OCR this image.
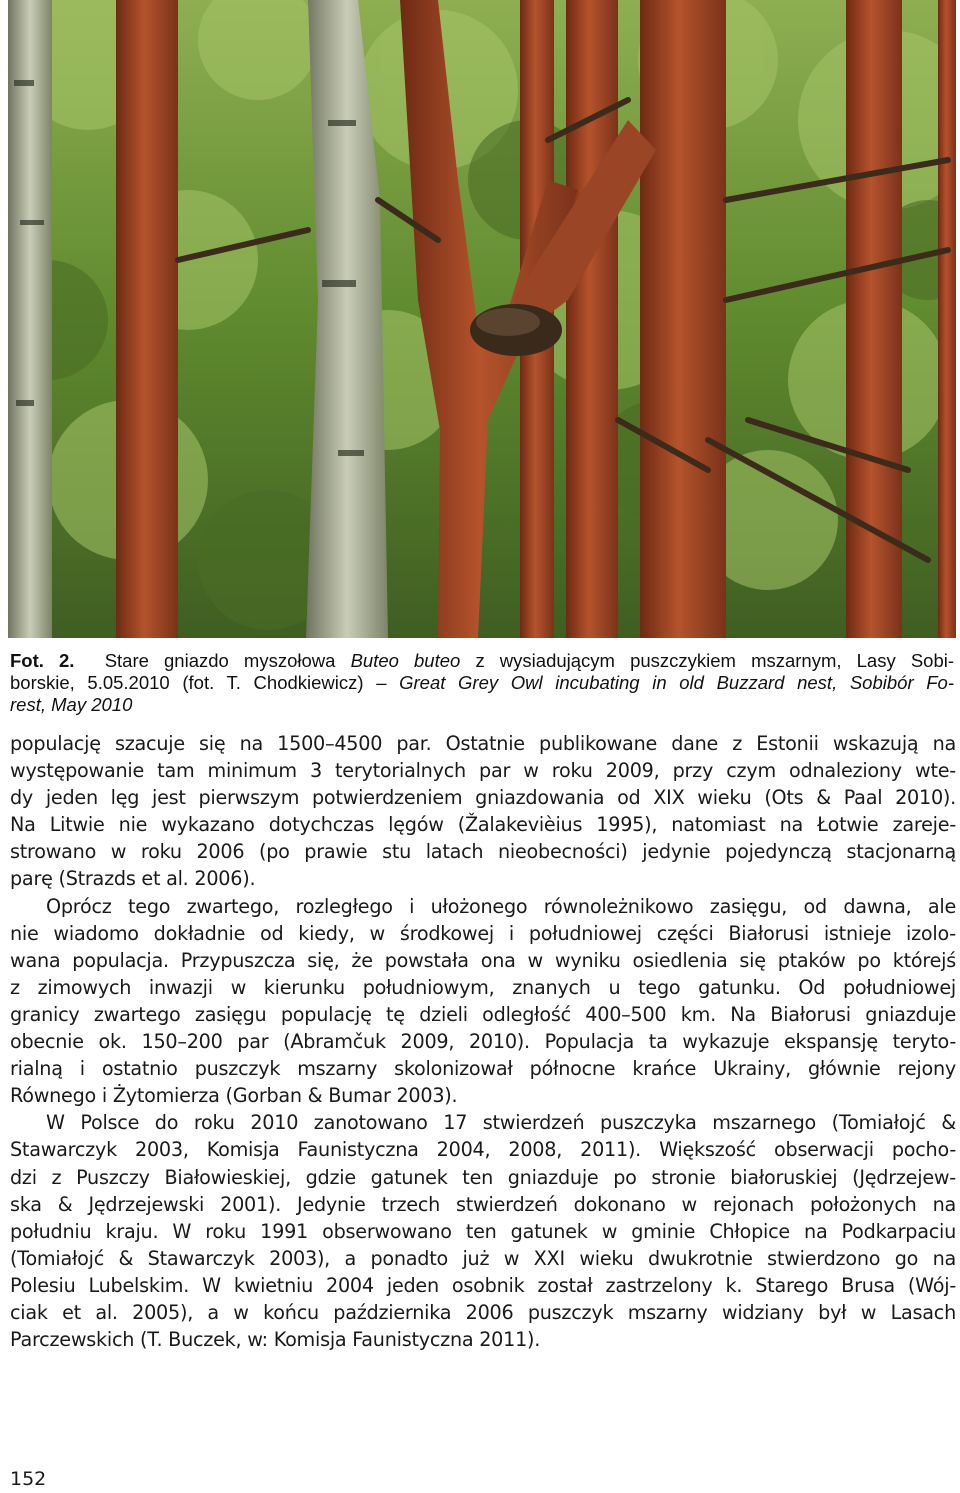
Fot. 2. Stare gniazdo myszołowa Buteo buteo z wysiadującym puszczykiem mszarnym, Lasy Sobi-
borskie, 5.05.2010 (fot. T. Chodkiewicz) – Great Grey Owl incubating in old Buzzard nest, Sobibór Fo-
rest, May 2010
populację szacuje się na 1500–4500 par. Ostatnie publikowane dane z Estonii wskazują na
występowanie tam minimum 3 terytorialnych par w roku 2009, przy czym odnaleziony wte-
dy jeden lęg jest pierwszym potwierdzeniem gniazdowania od XIX wieku (Ots & Paal 2010).
Na Litwie nie wykazano dotychczas lęgów (Žalakevièius 1995), natomiast na Łotwie zareje-
strowano w roku 2006 (po prawie stu latach nieobecności) jedynie pojedynczą stacjonarną
parę (Strazds et al. 2006).
Oprócz tego zwartego, rozległego i ułożonego równoleżnikowo zasięgu, od dawna, ale
nie wiadomo dokładnie od kiedy, w środkowej i południowej części Białorusi istnieje izolo-
wana populacja. Przypuszcza się, że powstała ona w wyniku osiedlenia się ptaków po którejś
z zimowych inwazji w kierunku południowym, znanych u tego gatunku. Od południowej
granicy zwartego zasięgu populację tę dzieli odległość 400–500 km. Na Białorusi gniazduje
obecnie ok. 150–200 par (Abramčuk 2009, 2010). Populacja ta wykazuje ekspansję teryto-
rialną i ostatnio puszczyk mszarny skolonizował północne krańce Ukrainy, głównie rejony
Równego i Żytomierza (Gorban & Bumar 2003).
W Polsce do roku 2010 zanotowano 17 stwierdzeń puszczyka mszarnego (Tomiałojć &
Stawarczyk 2003, Komisja Faunistyczna 2004, 2008, 2011). Większość obserwacji pocho-
dzi z Puszczy Białowieskiej, gdzie gatunek ten gniazduje po stronie białoruskiej (Jędrzejew-
ska & Jędrzejewski 2001). Jedynie trzech stwierdzeń dokonano w rejonach położonych na
południu kraju. W roku 1991 obserwowano ten gatunek w gminie Chłopice na Podkarpaciu
(Tomiałojć & Stawarczyk 2003), a ponadto już w XXI wieku dwukrotnie stwierdzono go na
Polesiu Lubelskim. W kwietniu 2004 jeden osobnik został zastrzelony k. Starego Brusa (Wój-
ciak et al. 2005), a w końcu października 2006 puszczyk mszarny widziany był w Lasach
Parczewskich (T. Buczek, w: Komisja Faunistyczna 2011).
152
